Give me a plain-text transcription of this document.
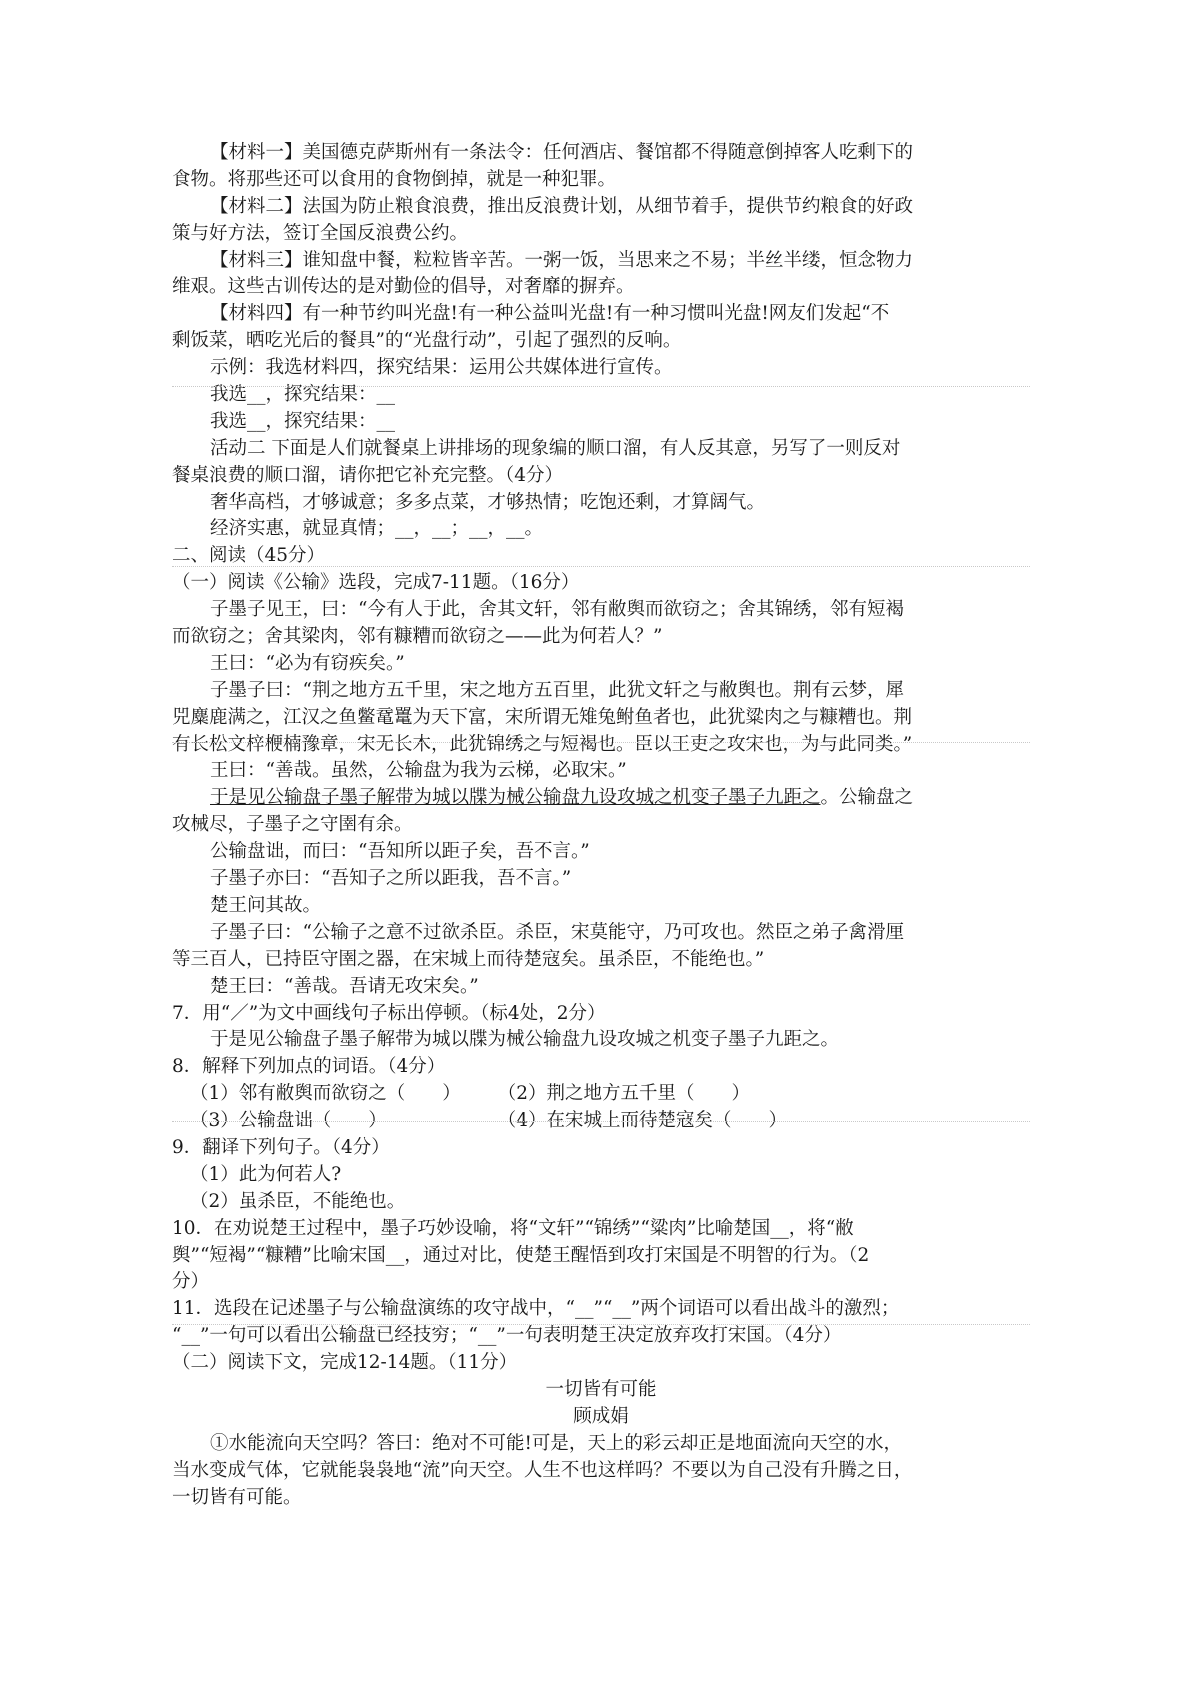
【材料一】美国德克萨斯州有一条法令：任何酒店、餐馆都不得随意倒掉客人吃剩下的
食物。将那些还可以食用的食物倒掉，就是一种犯罪。
【材料二】法国为防止粮食浪费，推出反浪费计划，从细节着手，提供节约粮食的好政
策与好方法，签订全国反浪费公约。
【材料三】谁知盘中餐，粒粒皆辛苦。一粥一饭，当思来之不易；半丝半缕，恒念物力
维艰。这些古训传达的是对勤俭的倡导，对奢靡的摒弃。
【材料四】有一种节约叫光盘!有一种公益叫光盘!有一种习惯叫光盘!网友们发起“不
剩饭菜，晒吃光后的餐具”的“光盘行动”，引起了强烈的反响。
示例：我选材料四，探究结果：运用公共媒体进行宣传。
我选__，探究结果：__
我选__，探究结果：__
活动二 下面是人们就餐桌上讲排场的现象编的顺口溜，有人反其意，另写了一则反对
餐桌浪费的顺口溜，请你把它补充完整。（4分）
奢华高档，才够诚意；多多点菜，才够热情；吃饱还剩，才算阔气。
经济实惠，就显真情；__，__；__，__。
二、阅读（45分）
（一）阅读《公输》选段，完成7-11题。（16分）
子墨子见王，曰：“今有人于此，舍其文轩，邻有敝舆而欲窃之；舍其锦绣，邻有短褐
而欲窃之；舍其梁肉，邻有糠糟而欲窃之——此为何若人？”
王曰：“必为有窃疾矣。”
子墨子曰：“荆之地方五千里，宋之地方五百里，此犹文轩之与敝舆也。荆有云梦，犀
兕麋鹿满之，江汉之鱼鳖鼋鼍为天下富，宋所谓无雉兔鲋鱼者也，此犹粱肉之与糠糟也。荆
有长松文梓楩楠豫章，宋无长木，此犹锦绣之与短褐也。臣以王吏之攻宋也，为与此同类。”
王曰：“善哉。虽然，公输盘为我为云梯，必取宋。”
于是见公输盘子墨子解带为城以牒为械公输盘九设攻城之机变子墨子九距之。公输盘之
攻械尽，子墨子之守圉有余。
公输盘诎，而曰：“吾知所以距子矣，吾不言。”
子墨子亦曰：“吾知子之所以距我，吾不言。”
楚王问其故。
子墨子曰：“公输子之意不过欲杀臣。杀臣，宋莫能守，乃可攻也。然臣之弟子禽滑厘
等三百人，已持臣守圉之器，在宋城上而待楚寇矣。虽杀臣，不能绝也。”
楚王曰：“善哉。吾请无攻宋矣。”
7．用“／”为文中画线句子标出停顿。（标4处，2分）
于是见公输盘子墨子解带为城以牒为械公输盘九设攻城之机变子墨子九距之。
8．解释下列加点的词语。（4分）
（1）邻有敝舆而欲窃之（　　）　　　（2）荆之地方五千里（　　）
（3）公输盘诎（　　）　　　　　　　（4）在宋城上而待楚寇矣（　　）
9．翻译下列句子。（4分）
（1）此为何若人?
（2）虽杀臣，不能绝也。
10．在劝说楚王过程中，墨子巧妙设喻，将“文轩”“锦绣”“粱肉”比喻楚国__，将“敝
舆”“短褐”“糠糟”比喻宋国__，通过对比，使楚王醒悟到攻打宋国是不明智的行为。（2
分）
11．选段在记述墨子与公输盘演练的攻守战中，“__”“__”两个词语可以看出战斗的激烈；
“__”一句可以看出公输盘已经技穷；“__”一句表明楚王决定放弃攻打宋国。（4分）
（二）阅读下文，完成12-14题。（11分）
一切皆有可能
顾成娟
①水能流向天空吗？答曰：绝对不可能!可是，天上的彩云却正是地面流向天空的水，
当水变成气体，它就能袅袅地“流”向天空。人生不也这样吗？不要以为自己没有升腾之日，
一切皆有可能。
